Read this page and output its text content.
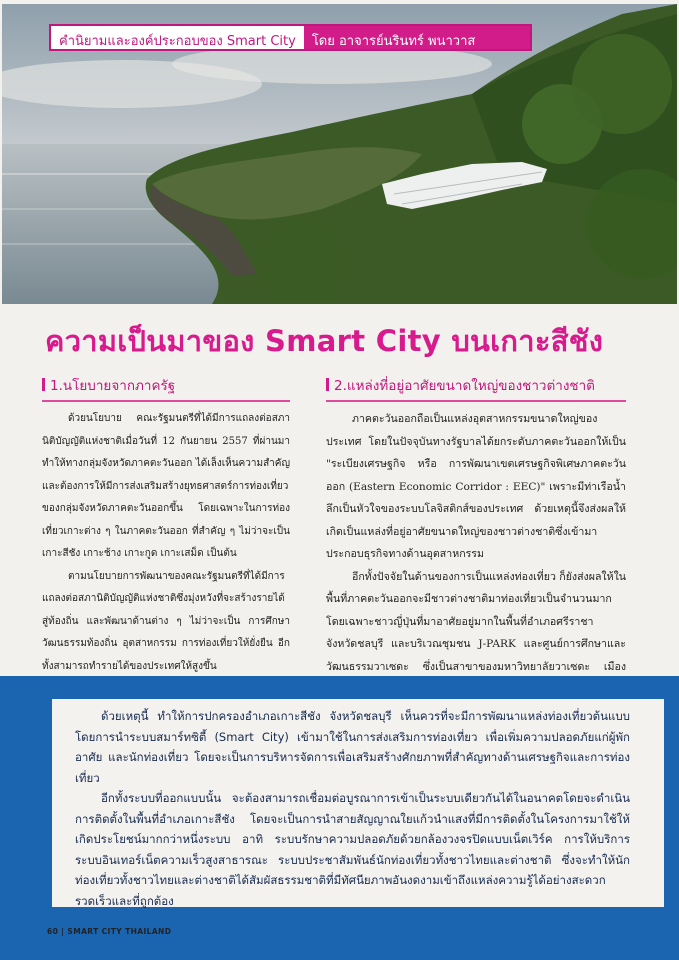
คำนิยามและองค์ประกอบของ Smart City	โดย อาจารย์นรินทร์ พนาวาส
ความเป็นมาของ Smart City บนเกาะสีชัง
1.นโยบายจากภาครัฐ

ด้วยนโยบาย คณะรัฐมนตรีที่ได้มีการแถลงต่อสภานิติบัญญัติแห่งชาติเมื่อวันที่ 12 กันยายน 2557 ที่ผ่านมา ทำให้ทางกลุ่มจังหวัดภาคตะวันออก ได้เล็งเห็นความสำคัญและต้องการให้มีการส่งเสริมสร้างยุทธศาสตร์การท่องเที่ยวของกลุ่มจังหวัดภาคตะวันออกขึ้น โดยเฉพาะในการท่องเที่ยวเกาะต่าง ๆ ในภาคตะวันออก ที่สำคัญ ๆ ไม่ว่าจะเป็น เกาะสีชัง เกาะช้าง เกาะกูด เกาะเสม็ด เป็นต้น

ตามนโยบายการพัฒนาของคณะรัฐมนตรีที่ได้มีการแถลงต่อสภานิติบัญญัติแห่งชาติซึ่งมุ่งหวังที่จะสร้างรายได้สู่ท้องถิ่น และพัฒนาด้านต่าง ๆ ไม่ว่าจะเป็น การศึกษา วัฒนธรรมท้องถิ่น อุตสาหกรรม การท่องเที่ยวให้ยั่งยืน อีกทั้งสามารถทำรายได้ของประเทศให้สูงขึ้น

2.แหล่งที่อยู่อาศัยขนาดใหญ่ของชาวต่างชาติ

ภาคตะวันออกถือเป็นแหล่งอุตสาหกรรมขนาดใหญ่ของประเทศ โดยในปัจจุบันทางรัฐบาลได้ยกระดับภาคตะวันออกให้เป็น "ระเบียงเศรษฐกิจ หรือ การพัฒนาเขตเศรษฐกิจพิเศษภาคตะวันออก (Eastern Economic Corridor : EEC)" เพราะมีท่าเรือน้ำลึกเป็นหัวใจของระบบโลจิสติกส์ของประเทศ ด้วยเหตุนี้จึงส่งผลให้เกิดเป็นแหล่งที่อยู่อาศัยขนาดใหญ่ของชาวต่างชาติซึ่งเข้ามาประกอบธุรกิจทางด้านอุตสาหกรรม

อีกทั้งปัจจัยในด้านของการเป็นแหล่งท่องเที่ยว ก็ยังส่งผลให้ในพื้นที่ภาคตะวันออกจะมีชาวต่างชาติมาท่องเที่ยวเป็นจำนวนมาก โดยเฉพาะชาวญี่ปุ่นที่มาอาศัยอยู่มากในพื้นที่อำเภอศรีราชา จังหวัดชลบุรี และบริเวณชุมชน J-PARK และศูนย์การศึกษาและวัฒนธรรมวาเซดะ ซึ่งเป็นสาขาของมหาวิทยาลัยวาเซดะ เมือง

ด้วยเหตุนี้ ทำให้การปกครองอำเภอเกาะสีชัง จังหวัดชลบุรี เห็นควรที่จะมีการพัฒนาแหล่งท่องเที่ยวต้นแบบ โดยการนำระบบสมาร์ทซิตี้ (Smart City) เข้ามาใช้ในการส่งเสริมการท่องเที่ยว เพื่อเพิ่มความปลอดภัยแก่ผู้พักอาศัย และนักท่องเที่ยว โดยจะเป็นการบริหารจัดการเพื่อเสริมสร้างศักยภาพที่สำคัญทางด้านเศรษฐกิจและการท่องเที่ยว

อีกทั้งระบบที่ออกแบบนั้น จะต้องสามารถเชื่อมต่อบูรณาการเข้าเป็นระบบเดียวกันได้ในอนาคตโดยจะดำเนินการติดตั้งในพื้นที่อำเภอเกาะสีชัง โดยจะเป็นการนำสายสัญญาณใยแก้วนำแสงที่มีการติดตั้งในโครงการมาใช้ให้เกิดประโยชน์มากกว่าหนึ่งระบบ อาทิ ระบบรักษาความปลอดภัยด้วยกล้องวงจรปิดแบบเน็ตเวิร์ค การให้บริการระบบอินเทอร์เน็ตความเร็วสูงสาธารณะ ระบบประชาสัมพันธ์นักท่องเที่ยวทั้งชาวไทยและต่างชาติ ซึ่งจะทำให้นักท่องเที่ยวทั้งชาวไทยและต่างชาติได้สัมผัสธรรมชาติที่มีทัศนียภาพอันงดงามเข้าถึงแหล่งความรู้ได้อย่างสะดวกรวดเร็วและที่ถูกต้อง

60 | SMART CITY THAILAND
